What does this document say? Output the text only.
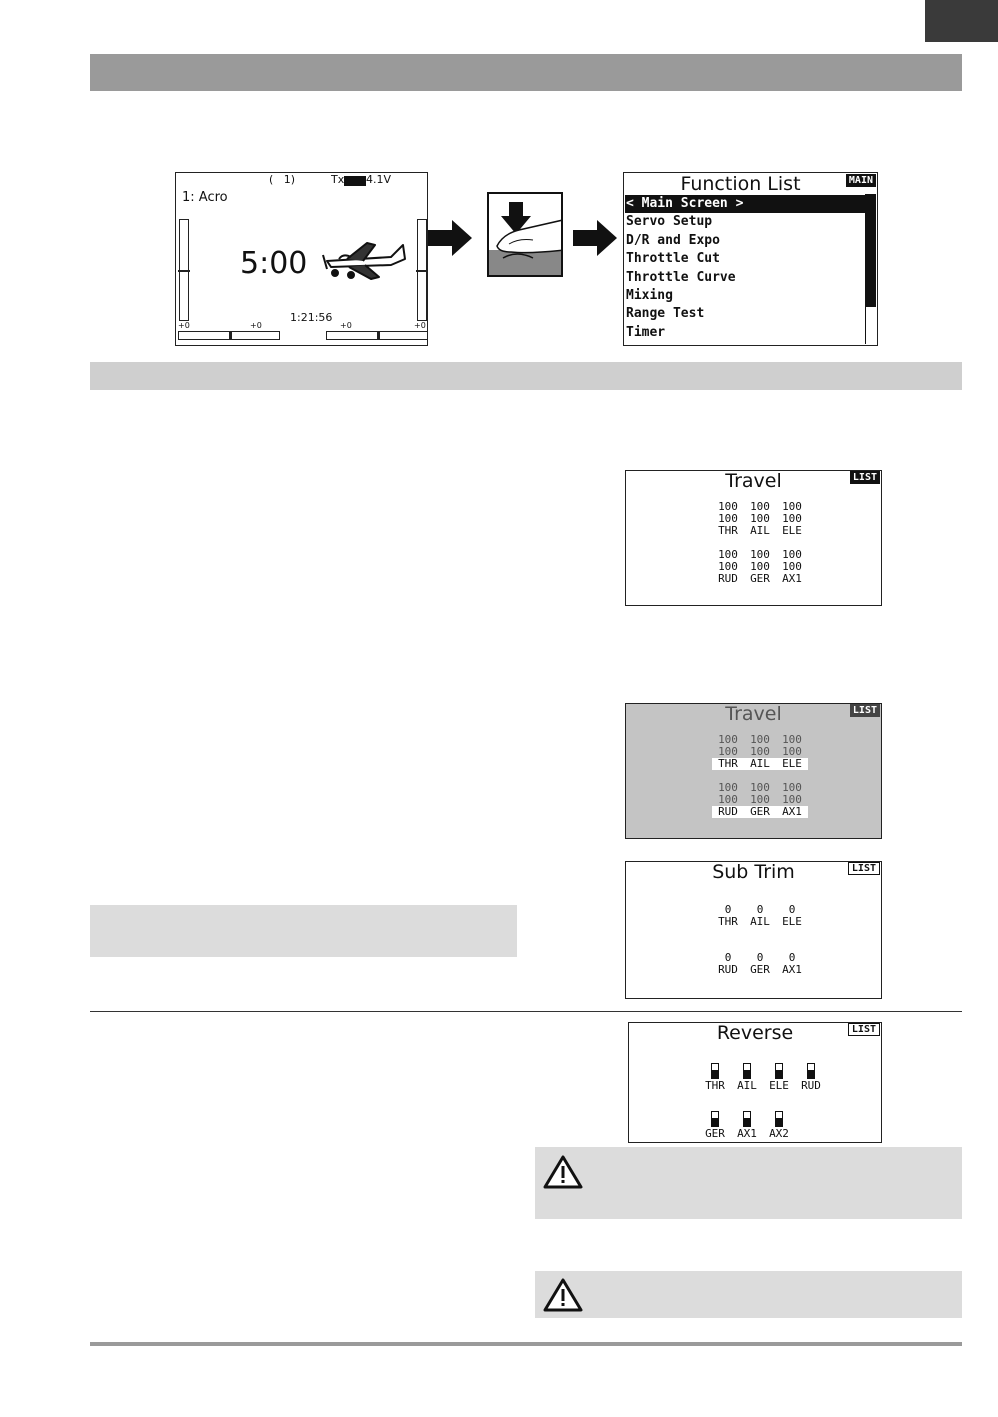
1: Acro
(   1)	Tx 4.1V
5:00
1:21:56
+0	+0	+0	+0
Function List	MAIN
< Main Screen >
Servo Setup
D/R and Expo
Throttle Cut
Throttle Curve
Mixing
Range Test
Timer
Travel	LIST
100 100 100
100 100 100
THR AIL ELE
100 100 100
100 100 100
RUD GER AX1
Travel	LIST
100 100 100
100 100 100
THR AIL ELE
100 100 100
100 100 100
RUD GER AX1
Sub Trim	LIST
0 0 0
THR AIL ELE
0 0 0
RUD GER AX1
Reverse	LIST
THR	AIL	ELE	RUD
GER	AX1	AX2
